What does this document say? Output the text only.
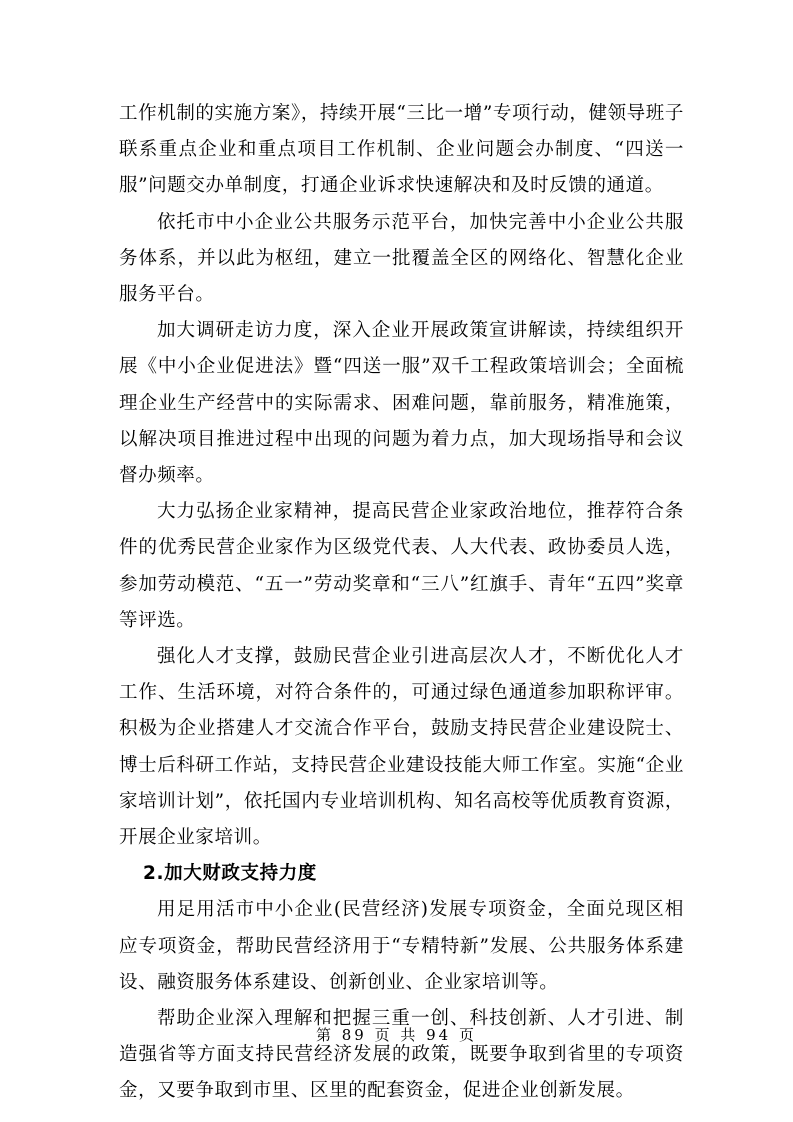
工作机制的实施方案》，持续开展“三比一增”专项行动，健领导班子联系重点企业和重点项目工作机制、企业问题会办制度、“四送一服”问题交办单制度，打通企业诉求快速解决和及时反馈的通道。

依托市中小企业公共服务示范平台，加快完善中小企业公共服务体系，并以此为枢纽，建立一批覆盖全区的网络化、智慧化企业服务平台。

加大调研走访力度，深入企业开展政策宣讲解读，持续组织开展《中小企业促进法》暨“四送一服”双千工程政策培训会；全面梳理企业生产经营中的实际需求、困难问题，靠前服务，精准施策，以解决项目推进过程中出现的问题为着力点，加大现场指导和会议督办频率。

大力弘扬企业家精神，提高民营企业家政治地位，推荐符合条件的优秀民营企业家作为区级党代表、人大代表、政协委员人选，参加劳动模范、“五一”劳动奖章和“三八”红旗手、青年“五四”奖章等评选。

强化人才支撑，鼓励民营企业引进高层次人才，不断优化人才工作、生活环境，对符合条件的，可通过绿色通道参加职称评审。积极为企业搭建人才交流合作平台，鼓励支持民营企业建设院士、博士后科研工作站，支持民营企业建设技能大师工作室。实施“企业家培训计划”，依托国内专业培训机构、知名高校等优质教育资源，开展企业家培训。

2.加大财政支持力度

用足用活市中小企业(民营经济)发展专项资金，全面兑现区相应专项资金，帮助民营经济用于“专精特新”发展、公共服务体系建设、融资服务体系建设、创新创业、企业家培训等。

帮助企业深入理解和把握三重一创、科技创新、人才引进、制造强省等方面支持民营经济发展的政策，既要争取到省里的专项资金，又要争取到市里、区里的配套资金，促进企业创新发展。

第 89 页 共 94 页
